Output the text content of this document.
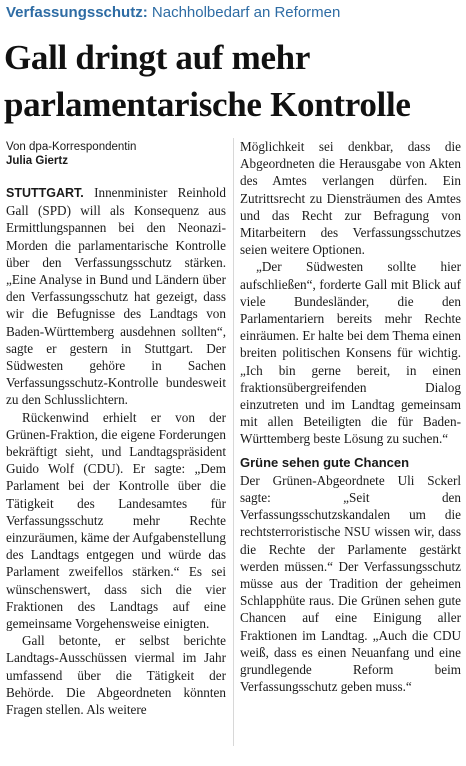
Verfassungsschutz: Nachholbedarf an Reformen
Gall dringt auf mehr
parlamentarische Kontrolle
Von dpa-Korrespondentin
Julia Giertz

STUTTGART. Innenminister Reinhold Gall (SPD) will als Konsequenz aus Ermittlungspannen bei den Neonazi-Morden die parlamentarische Kontrolle über den Verfassungsschutz stärken. „Eine Analyse in Bund und Ländern über den Verfassungsschutz hat gezeigt, dass wir die Befugnisse des Landtags von Baden-Württemberg ausdehnen sollten“, sagte er gestern in Stuttgart. Der Südwesten gehöre in Sachen Verfassungsschutz-Kontrolle bundesweit zu den Schlusslichtern.

Rückenwind erhielt er von der Grünen-Fraktion, die eigene Forderungen bekräftigt sieht, und Landtagspräsident Guido Wolf (CDU). Er sagte: „Dem Parlament bei der Kontrolle über die Tätigkeit des Landesamtes für Verfassungsschutz mehr Rechte einzuräumen, käme der Aufgabenstellung des Landtags entgegen und würde das Parlament zweifellos stärken.“ Es sei wünschenswert, dass sich die vier Fraktionen des Landtags auf eine gemeinsame Vorgehensweise einigten.

Gall betonte, er selbst berichte Landtags-Ausschüssen viermal im Jahr umfassend über die Tätigkeit der Behörde. Die Abgeordneten könnten Fragen stellen. Als weitere

Möglichkeit sei denkbar, dass die Abgeordneten die Herausgabe von Akten des Amtes verlangen dürfen. Ein Zutrittsrecht zu Diensträumen des Amtes und das Recht zur Befragung von Mitarbeitern des Verfassungsschutzes seien weitere Optionen.

„Der Südwesten sollte hier aufschließen“, forderte Gall mit Blick auf viele Bundesländer, die den Parlamentariern bereits mehr Rechte einräumen. Er halte bei dem Thema einen breiten politischen Konsens für wichtig. „Ich bin gerne bereit, in einen fraktionsübergreifenden Dialog einzutreten und im Landtag gemeinsam mit allen Beteiligten die für Baden-Württemberg beste Lösung zu suchen.“

Grüne sehen gute Chancen

Der Grünen-Abgeordnete Uli Sckerl sagte: „Seit den Verfassungsschutzskandalen um die rechtsterroristische NSU wissen wir, dass die Rechte der Parlamente gestärkt werden müssen.“ Der Verfassungsschutz müsse aus der Tradition der geheimen Schlapphüte raus. Die Grünen sehen gute Chancen auf eine Einigung aller Fraktionen im Landtag. „Auch die CDU weiß, dass es einen Neuanfang und eine grundlegende Reform beim Verfassungsschutz geben muss.“
